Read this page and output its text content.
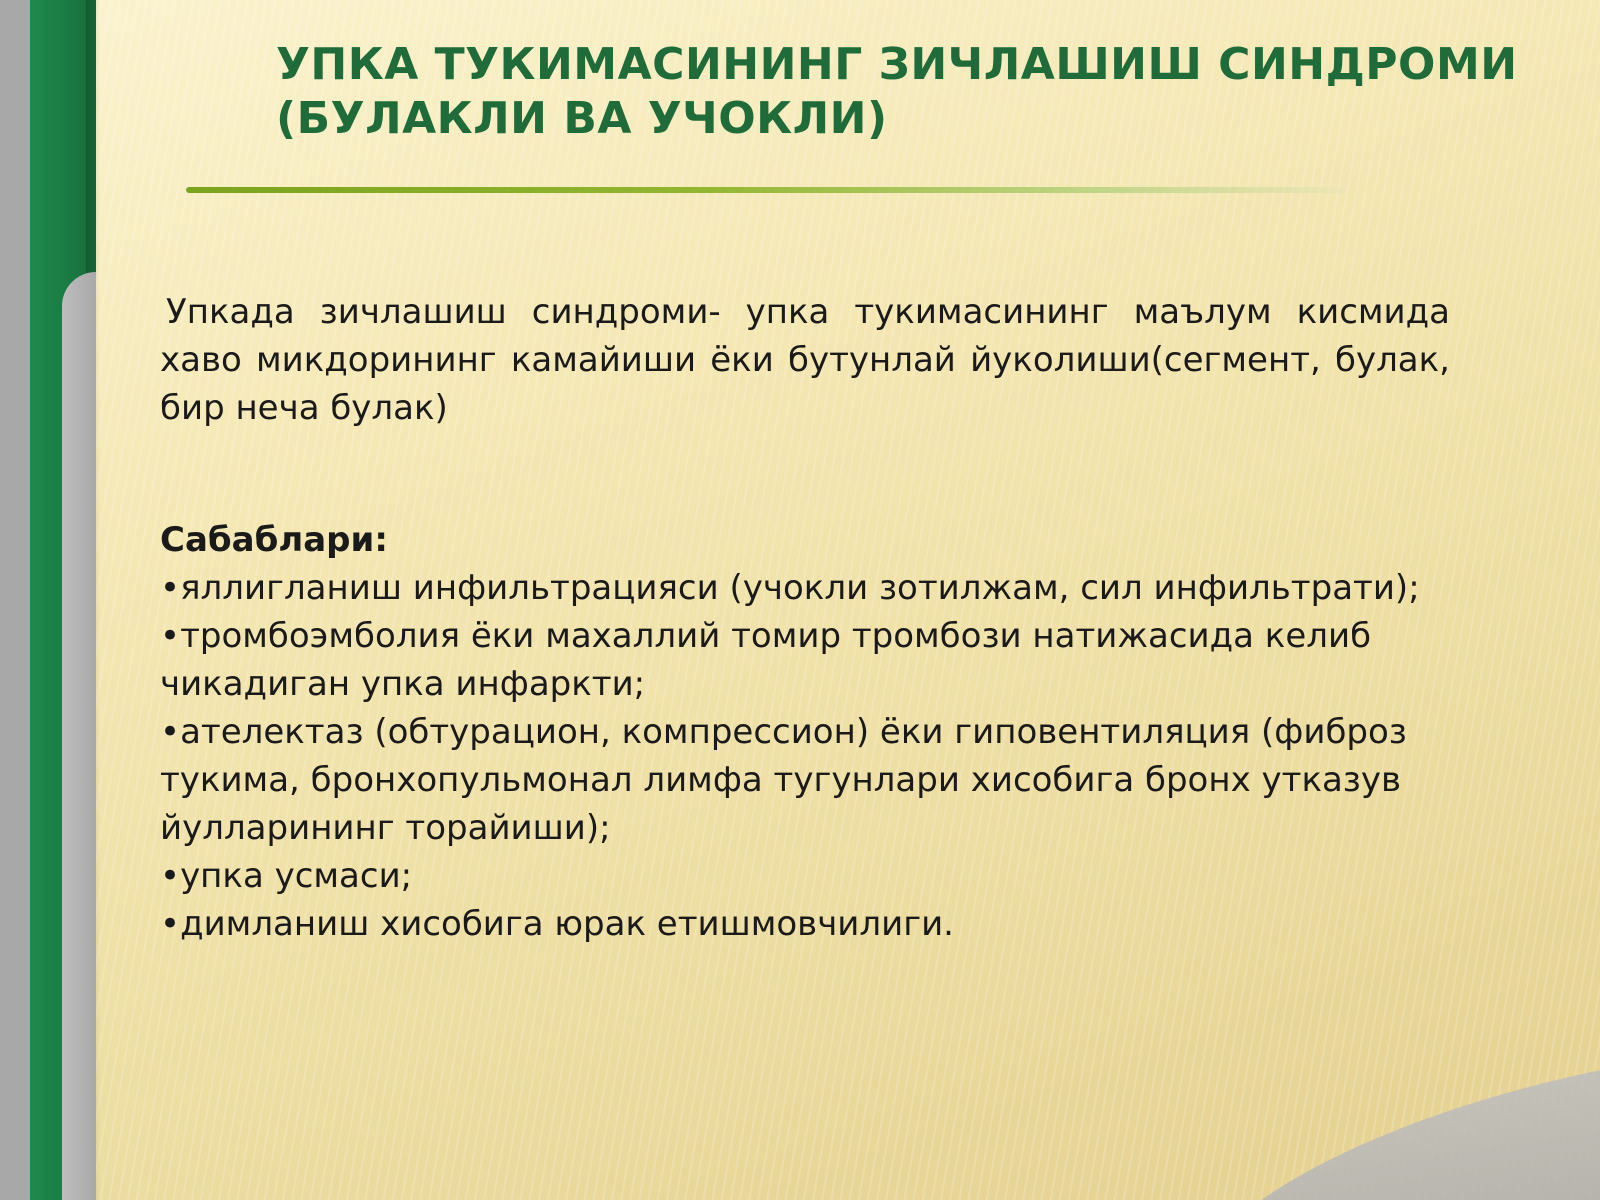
УПКА ТУКИМАСИНИНГ ЗИЧЛАШИШ СИНДРОМИ
(БУЛАКЛИ ВА УЧОКЛИ)

Упкада зичлашиш синдроми- упка тукимасининг маълум кисмида хаво микдорининг камайиши ёки бутунлай йуколиши(сегмент, булак, бир неча булак)

Сабаблари:

•яллигланиш инфильтрацияси (учокли зотилжам, сил инфильтрати);
•тромбоэмболия ёки махаллий томир тромбози натижасида келиб чикадиган упка инфаркти;
•ателектаз (обтурацион, компрессион) ёки гиповентиляция (фиброз тукима, бронхопульмонал лимфа тугунлари хисобига бронх утказув йулларининг торайиши);
•упка усмаси;
•димланиш хисобига юрак етишмовчилиги.
